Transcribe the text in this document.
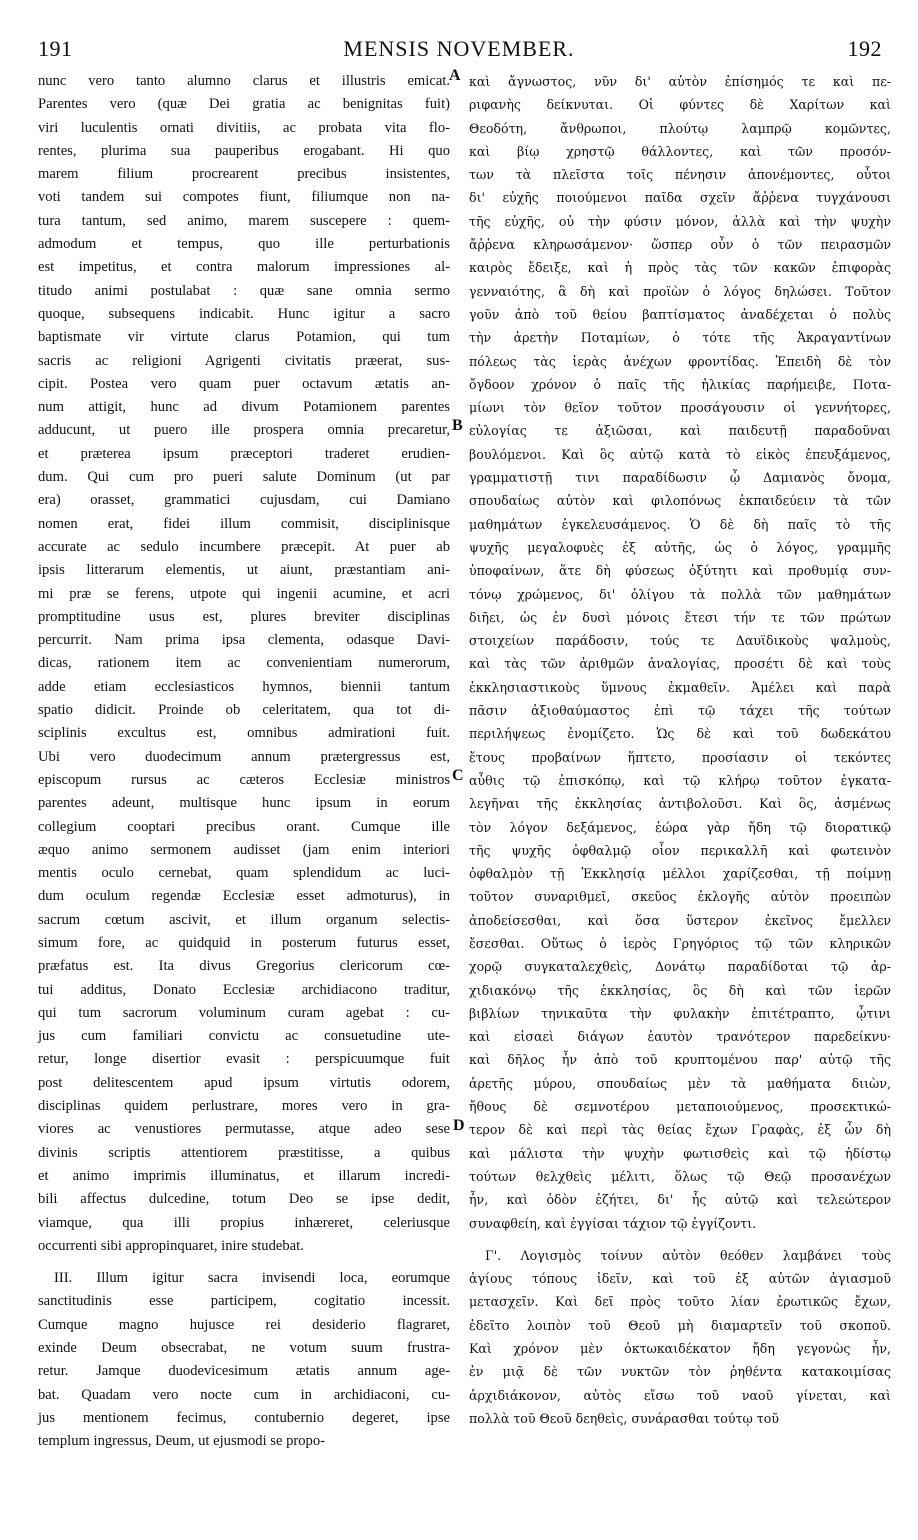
191	MENSIS NOVEMBER.	192
A
B
C
D
nunc vero tanto alumno clarus et illustris emicat.
Parentes vero (quæ Dei gratia ac benignitas fuit)
viri luculentis ornati divitiis, ac probata vita flo-
rentes, plurima sua pauperibus erogabant. Hi quo
marem filium procrearent precibus insistentes,
voti tandem sui compotes fiunt, filiumque non na-
tura tantum, sed animo, marem suscepere : quem-
admodum et tempus, quo ille perturbationis
est impetitus, et contra malorum impressiones al-
titudo animi postulabat : quæ sane omnia sermo
quoque, subsequens indicabit. Hunc igitur a sacro
baptismate vir virtute clarus Potamion, qui tum
sacris ac religioni Agrigenti civitatis præerat, sus-
cipit. Postea vero quam puer octavum ætatis an-
num attigit, hunc ad divum Potamionem parentes
adducunt, ut puero ille prospera omnia precaretur,
et præterea ipsum præceptori traderet erudien-
dum. Qui cum pro pueri salute Dominum (ut par
era) orasset, grammatici cujusdam, cui Damiano
nomen erat, fidei illum commisit, disciplinisque
accurate ac sedulo incumbere præcepit. At puer ab
ipsis litterarum elementis, ut aiunt, præstantiam ani-
mi præ se ferens, utpote qui ingenii acumine, et acri
promptitudine usus est, plures breviter disciplinas
percurrit. Nam prima ipsa clementa, odasque Davi-
dicas, rationem item ac convenientiam numerorum,
adde etiam ecclesiasticos hymnos, biennii tantum
spatio didicit. Proinde ob celeritatem, qua tot di-
sciplinis excultus est, omnibus admirationi fuit.
Ubi vero duodecimum annum prætergressus est,
episcopum rursus ac cæteros Ecclesiæ ministros
parentes adeunt, multisque hunc ipsum in eorum
collegium cooptari precibus orant. Cumque ille
æquo animo sermonem audisset (jam enim interiori
mentis oculo cernebat, quam splendidum ac luci-
dum oculum regendæ Ecclesiæ esset admoturus), in
sacrum cœtum ascivit, et illum organum selectis-
simum fore, ac quidquid in posterum futurus esset,
præfatus est. Ita divus Gregorius clericorum cœ-
tui additus, Donato Ecclesiæ archidiacono traditur,
qui tum sacrorum voluminum curam agebat : cu-
jus cum familiari convictu ac consuetudine ute-
retur, longe disertior evasit : perspicuumque fuit
post delitescentem apud ipsum virtutis odorem,
disciplinas quidem perlustrare, mores vero in gra-
viores ac venustiores permutasse, atque adeo sese
divinis scriptis attentiorem præstitisse, a quibus
et animo imprimis illuminatus, et illarum incredi-
bili affectus dulcedine, totum Deo se ipse dedit,
viamque, qua illi propius inhæreret, celeriusque
occurrenti sibi appropinquaret, inire studebat.
III. Illum igitur sacra invisendi loca, eorumque
sanctitudinis esse participem, cogitatio incessit.
Cumque magno hujusce rei desiderio flagraret,
exinde Deum obsecrabat, ne votum suum frustra-
retur. Jamque duodevicesimum ætatis annum age-
bat. Quadam vero nocte cum in archidiaconi, cu-
jus mentionem fecimus, contubernio degeret, ipse
templum ingressus, Deum, ut ejusmodi se propo-
καὶ ἄγνωστος, νῦν δι' αὐτὸν ἐπίσημός τε καὶ πε-
ριφανὴς δείκνυται. Οἱ φύντες δὲ Χαρίτων καὶ
Θεοδότη, ἄνθρωποι, πλούτῳ λαμπρῷ κομῶντες,
καὶ βίῳ χρηστῷ θάλλοντες, καὶ τῶν προσόν-
των τὰ πλεῖστα τοῖς πένησιν ἀπονέμοντες, οὗτοι
δι' εὐχῆς ποιούμενοι παῖδα σχεῖν ἄῤῥενα τυγχάνουσι
τῆς εὐχῆς, οὐ τὴν φύσιν μόνον, ἀλλὰ καὶ τὴν ψυχὴν
ἄῤῥενα κληρωσάμενον· ὥσπερ οὖν ὁ τῶν πειρασμῶν
καιρὸς ἔδειξε, καὶ ἡ πρὸς τὰς τῶν κακῶν ἐπιφορὰς
γενναιότης, ἃ δὴ καὶ προϊὼν ὁ λόγος δηλώσει. Τοῦτον
γοῦν ἀπὸ τοῦ θείου βαπτίσματος ἀναδέχεται ὁ πολὺς
τὴν ἀρετὴν Ποταμίων, ὁ τότε τῆς Ἀκραγαντίνων
πόλεως τὰς ἱερὰς ἀνέχων φροντίδας. Ἐπειδὴ δὲ τὸν
ὄγδοον χρόνον ὁ παῖς τῆς ἡλικίας παρήμειβε, Ποτα-
μίωνι τὸν θεῖον τοῦτον προσάγουσιν οἱ γεννήτορες,
εὐλογίας τε ἀξιῶσαι, καὶ παιδευτῇ παραδοῦναι
βουλόμενοι. Καὶ ὃς αὐτῷ κατὰ τὸ εἰκὸς ἐπευξάμενος,
γραμματιστῇ τινι παραδίδωσιν ᾧ Δαμιανὸς ὄνομα,
σπουδαίως αὐτὸν καὶ φιλοπόνως ἐκπαιδεύειν τὰ τῶν
μαθημάτων ἐγκελευσάμενος. Ὁ δὲ δὴ παῖς τὸ τῆς
ψυχῆς μεγαλοφυὲς ἐξ αὐτῆς, ὡς ὁ λόγος, γραμμῆς
ὑποφαίνων, ἅτε δὴ φύσεως ὀξύτητι καὶ προθυμίᾳ συν-
τόνῳ χρώμενος, δι' ὀλίγου τὰ πολλὰ τῶν μαθημάτων
διῆει, ὡς ἐν δυσὶ μόνοις ἔτεσι τήν τε τῶν πρώτων
στοιχείων παράδοσιν, τούς τε Δαυϊδικοὺς ψαλμοὺς,
καὶ τὰς τῶν ἀριθμῶν ἀναλογίας, προσέτι δὲ καὶ τοὺς
ἐκκλησιαστικοὺς ὕμνους ἐκμαθεῖν. Ἀμέλει καὶ παρὰ
πᾶσιν ἀξιοθαύμαστος ἐπὶ τῷ τάχει τῆς τούτων
περιλήψεως ἐνομίζετο. Ὡς δὲ καὶ τοῦ δωδεκάτου
ἔτους προβαίνων ἥπτετο, προσίασιν οἱ τεκόντες
αὖθις τῷ ἐπισκόπῳ, καὶ τῷ κλήρῳ τοῦτον ἐγκατα-
λεγῆναι τῆς ἐκκλησίας ἀντιβολοῦσι. Καὶ ὃς, ἀσμένως
τὸν λόγον δεξάμενος, ἑώρα γὰρ ἤδη τῷ διορατικῷ
τῆς ψυχῆς ὀφθαλμῷ οἷον περικαλλῆ καὶ φωτεινὸν
ὀφθαλμὸν τῇ Ἐκκλησίᾳ μέλλοι χαρίζεσθαι, τῇ ποίμνῃ
τοῦτον συναριθμεῖ, σκεῦος ἐκλογῆς αὐτὸν προειπὼν
ἀποδείσεσθαι, καὶ ὅσα ὕστερον ἐκεῖνος ἔμελλεν
ἔσεσθαι. Οὕτως ὁ ἱερὸς Γρηγόριος τῷ τῶν κληρικῶν
χορῷ συγκαταλεχθεὶς, Δονάτῳ παραδίδοται τῷ ἀρ-
χιδιακόνῳ τῆς ἐκκλησίας, ὃς δὴ καὶ τῶν ἱερῶν
βιβλίων τηνικαῦτα τὴν φυλακὴν ἐπιτέτραπτο, ᾧτινι
καὶ εἰσαεὶ διάγων ἑαυτὸν τρανότερον παρεδείκνυ·
καὶ δῆλος ἦν ἀπὸ τοῦ κρυπτομένου παρ' αὐτῷ τῆς
ἀρετῆς μύρου, σπουδαίως μὲν τὰ μαθήματα διιὼν,
ἤθους δὲ σεμνοτέρου μεταποιούμενος, προσεκτικώ-
τερον δὲ καὶ περὶ τὰς θείας ἔχων Γραφὰς, ἐξ ὧν δὴ
καὶ μάλιστα τὴν ψυχὴν φωτισθεὶς καὶ τῷ ἡδίστῳ
τούτων θελχθεὶς μέλιτι, ὅλως τῷ Θεῷ προσανέχων
ἦν, καὶ ὁδὸν ἐζήτει, δι' ἧς αὐτῷ καὶ τελεώτερον
συναφθείη, καὶ ἐγγίσαι τάχιον τῷ ἐγγίζοντι.
Γ'. Λογισμὸς τοίνυν αὐτὸν θεόθεν λαμβάνει τοὺς
ἁγίους τόπους ἰδεῖν, καὶ τοῦ ἐξ αὐτῶν ἁγιασμοῦ
μετασχεῖν. Καὶ δεῖ πρὸς τοῦτο λίαν ἐρωτικῶς ἔχων,
ἐδεῖτο λοιπὸν τοῦ Θεοῦ μὴ διαμαρτεῖν τοῦ σκοποῦ.
Καὶ χρόνον μὲν ὀκτωκαιδέκατον ἤδη γεγονὼς ἦν,
ἐν μιᾷ δὲ τῶν νυκτῶν τὸν ῥηθέντα κατακοιμίσας
ἀρχιδιάκονον, αὐτὸς εἴσω τοῦ ναοῦ γίνεται, καὶ
πολλὰ τοῦ Θεοῦ δεηθεὶς, συνάρασθαι τούτῳ τοῦ
